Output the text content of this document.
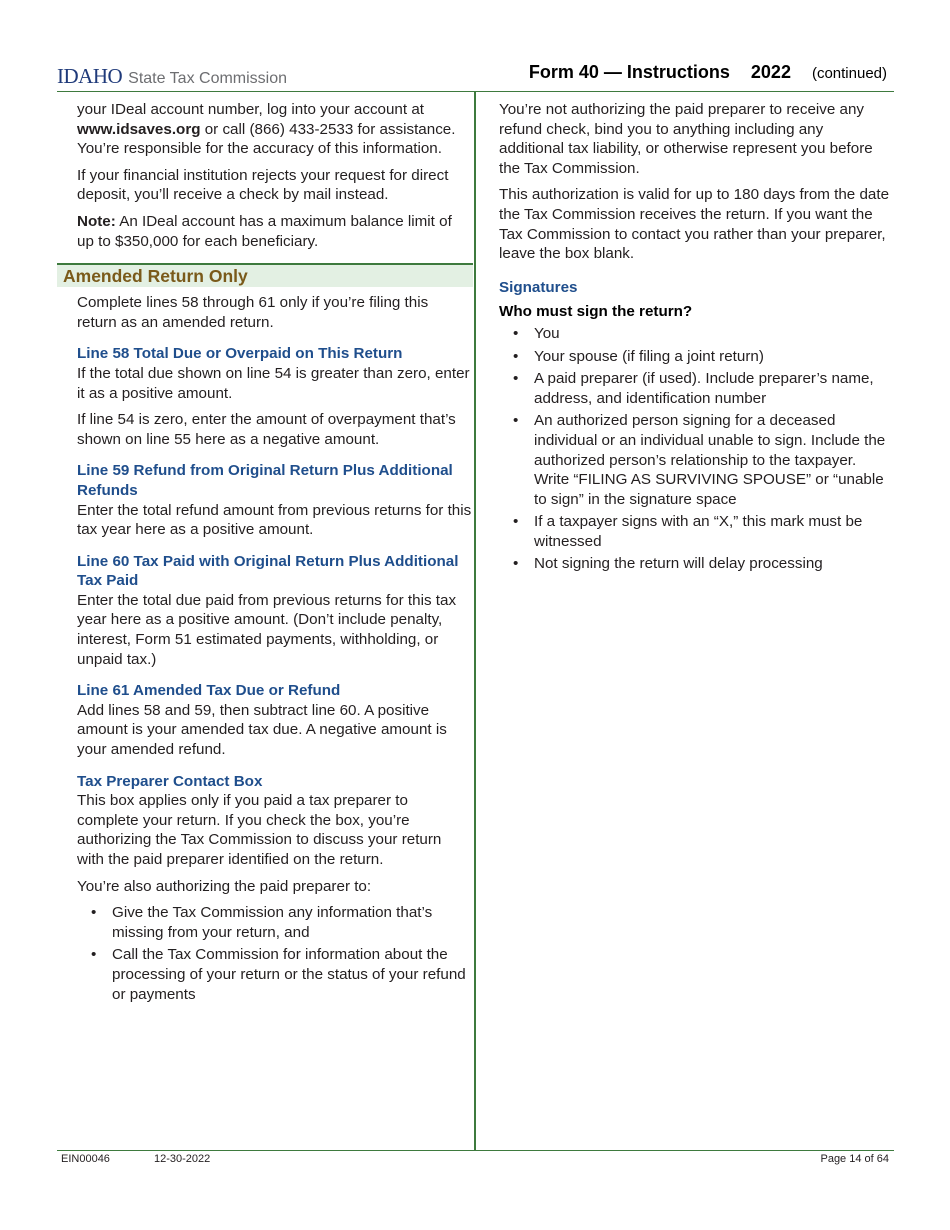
IDAHO State Tax Commission	Form 40 — Instructions 2022 (continued)

your IDeal account number, log into your account at www.idsaves.org or call (866) 433-2533 for assistance. You’re responsible for the accuracy of this information.

If your financial institution rejects your request for direct deposit, you’ll receive a check by mail instead.

Note: An IDeal account has a maximum balance limit of up to $350,000 for each beneficiary.

Amended Return Only

Complete lines 58 through 61 only if you’re filing this return as an amended return.

Line 58 Total Due or Overpaid on This Return

If the total due shown on line 54 is greater than zero, enter it as a positive amount.

If line 54 is zero, enter the amount of overpayment that’s shown on line 55 here as a negative amount.

Line 59 Refund from Original Return Plus Additional Refunds

Enter the total refund amount from previous returns for this tax year here as a positive amount.

Line 60 Tax Paid with Original Return Plus Additional Tax Paid

Enter the total due paid from previous returns for this tax year here as a positive amount. (Don’t include penalty, interest, Form 51 estimated payments, withholding, or unpaid tax.)

Line 61 Amended Tax Due or Refund

Add lines 58 and 59, then subtract line 60. A positive amount is your amended tax due. A negative amount is your amended refund.

Tax Preparer Contact Box

This box applies only if you paid a tax preparer to complete your return. If you check the box, you’re authorizing the Tax Commission to discuss your return with the paid preparer identified on the return.

You’re also authorizing the paid preparer to:

• Give the Tax Commission any information that’s missing from your return, and
• Call the Tax Commission for information about the processing of your return or the status of your refund or payments

You’re not authorizing the paid preparer to receive any refund check, bind you to anything including any additional tax liability, or otherwise represent you before the Tax Commission.

This authorization is valid for up to 180 days from the date the Tax Commission receives the return. If you want the Tax Commission to contact you rather than your preparer, leave the box blank.

Signatures
Who must sign the return?
• You
• Your spouse (if filing a joint return)
• A paid preparer (if used). Include preparer’s name, address, and identification number
• An authorized person signing for a deceased individual or an individual unable to sign. Include the authorized person’s relationship to the taxpayer. Write “FILING AS SURVIVING SPOUSE” or “unable to sign” in the signature space
• If a taxpayer signs with an “X,” this mark must be witnessed
• Not signing the return will delay processing
EIN00046	12-30-2022	Page 14 of 64
